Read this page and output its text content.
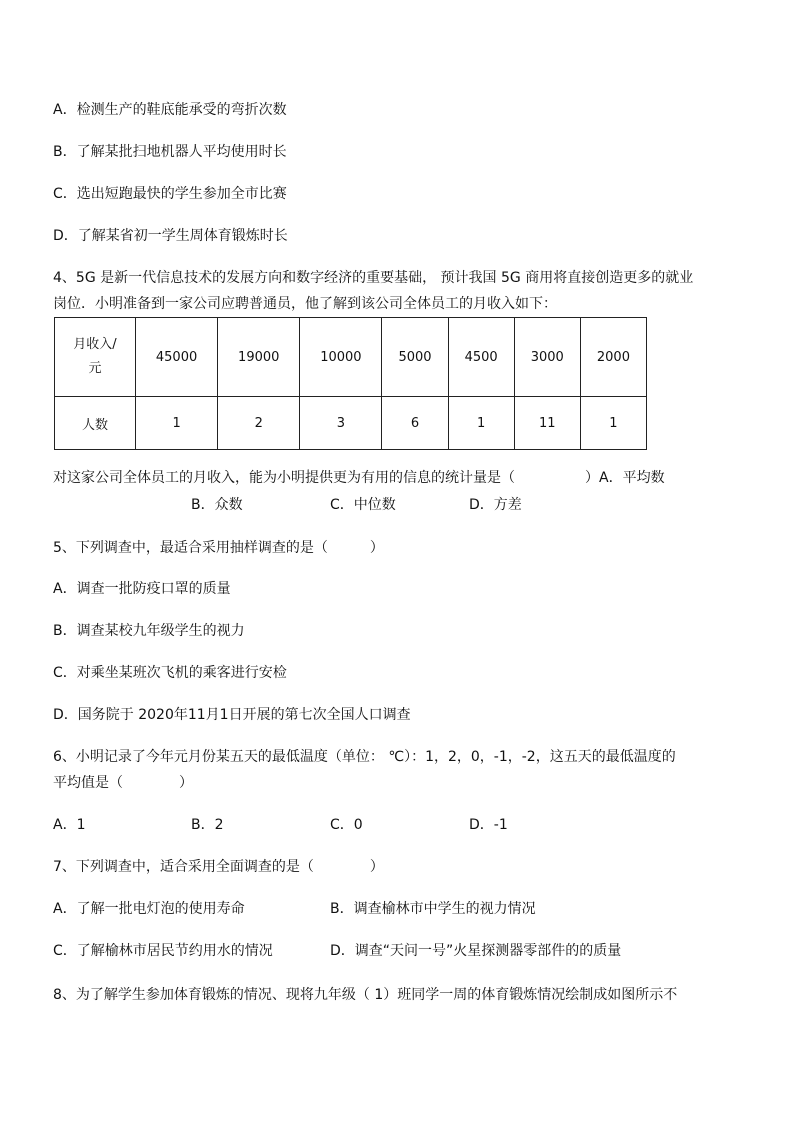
A．检测生产的鞋底能承受的弯折次数
B．了解某批扫地机器人平均使用时长
C．选出短跑最快的学生参加全市比赛
D．了解某省初一学生周体育锻炼时长
4、5G 是新一代信息技术的发展方向和数字经济的重要基础， 预计我国 5G 商用将直接创造更多的就业
岗位．小明准备到一家公司应聘普通员，他了解到该公司全体员工的月收入如下：
月收入/
元	45000	19000	10000	5000	4500	3000	2000
人数	1	2	3	6	1	11	1
对这家公司全体员工的月收入，能为小明提供更为有用的信息的统计量是（　　　　　）A．平均数
B．众数	C．中位数	D．方差
5、下列调查中，最适合采用抽样调查的是（　　　）
A．调查一批防疫口罩的质量
B．调查某校九年级学生的视力
C．对乘坐某班次飞机的乘客进行安检
D．国务院于 2020年11月1日开展的第七次全国人口调查
6、小明记录了今年元月份某五天的最低温度（单位： ℃）：1，2，0，-1，-2，这五天的最低温度的
平均值是（　　　　）
A．1	B．2	C．0	D．-1
7、下列调查中，适合采用全面调查的是（　　　　）
A．了解一批电灯泡的使用寿命	B．调查榆林市中学生的视力情况
C．了解榆林市居民节约用水的情况	D．调查“天问一号”火星探测器零部件的的质量
8、为了解学生参加体育锻炼的情况、现将九年级（ 1）班同学一周的体育锻炼情况绘制成如图所示不
